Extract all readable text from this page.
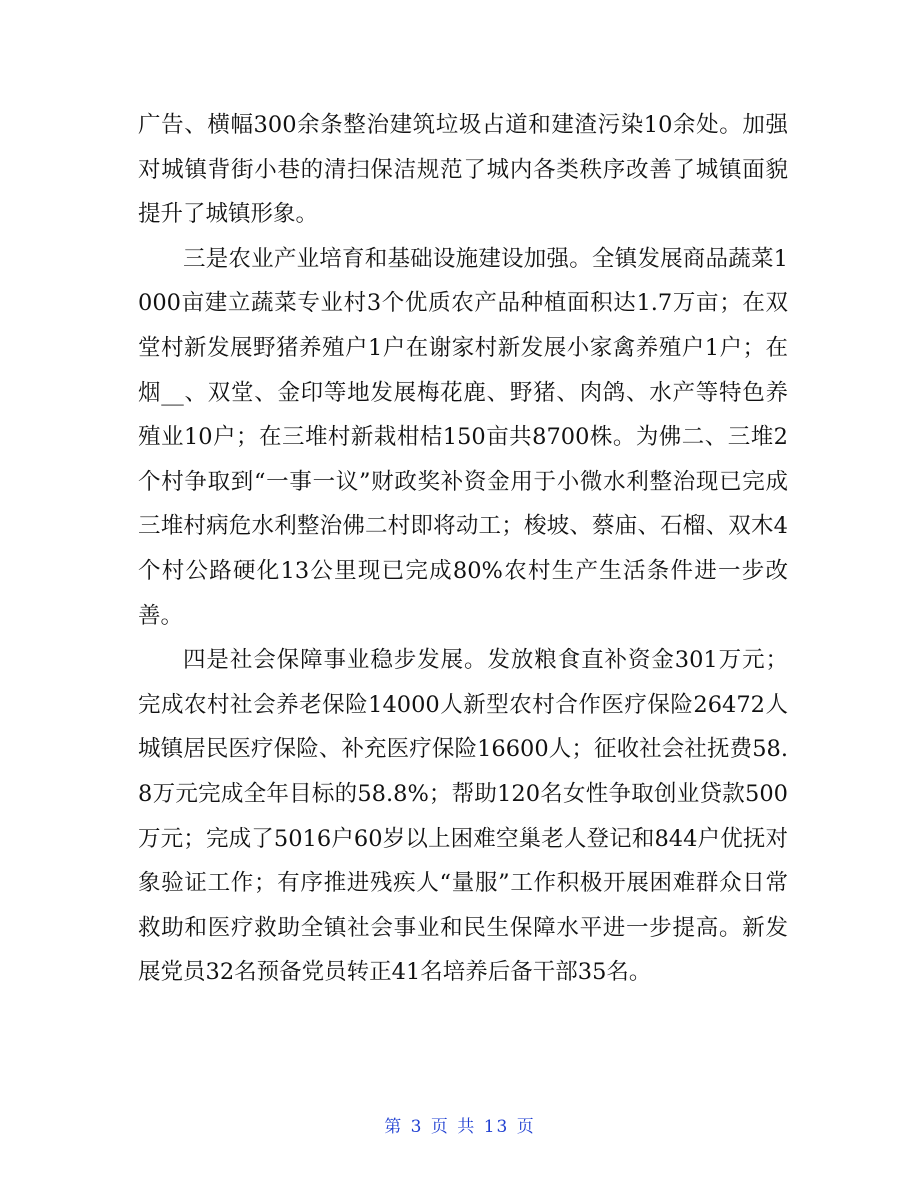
广告、横幅300余条整治建筑垃圾占道和建渣污染10余处。加强对城镇背街小巷的清扫保洁规范了城内各类秩序改善了城镇面貌提升了城镇形象。

三是农业产业培育和基础设施建设加强。全镇发展商品蔬菜1000亩建立蔬菜专业村3个优质农产品种植面积达1.7万亩；在双堂村新发展野猪养殖户1户在谢家村新发展小家禽养殖户1户；在烟__、双堂、金印等地发展梅花鹿、野猪、肉鸽、水产等特色养殖业10户；在三堆村新栽柑桔150亩共8700株。为佛二、三堆2个村争取到“一事一议”财政奖补资金用于小微水利整治现已完成三堆村病危水利整治佛二村即将动工；梭坡、蔡庙、石榴、双木4个村公路硬化13公里现已完成80%农村生产生活条件进一步改善。

四是社会保障事业稳步发展。发放粮食直补资金301万元；完成农村社会养老保险14000人新型农村合作医疗保险26472人城镇居民医疗保险、补充医疗保险16600人；征收社会社抚费58.8万元完成全年目标的58.8%；帮助120名女性争取创业贷款500万元；完成了5016户60岁以上困难空巢老人登记和844户优抚对象验证工作；有序推进残疾人“量服”工作积极开展困难群众日常救助和医疗救助全镇社会事业和民生保障水平进一步提高。新发展党员32名预备党员转正41名培养后备干部35名。

第 3 页 共 13 页
